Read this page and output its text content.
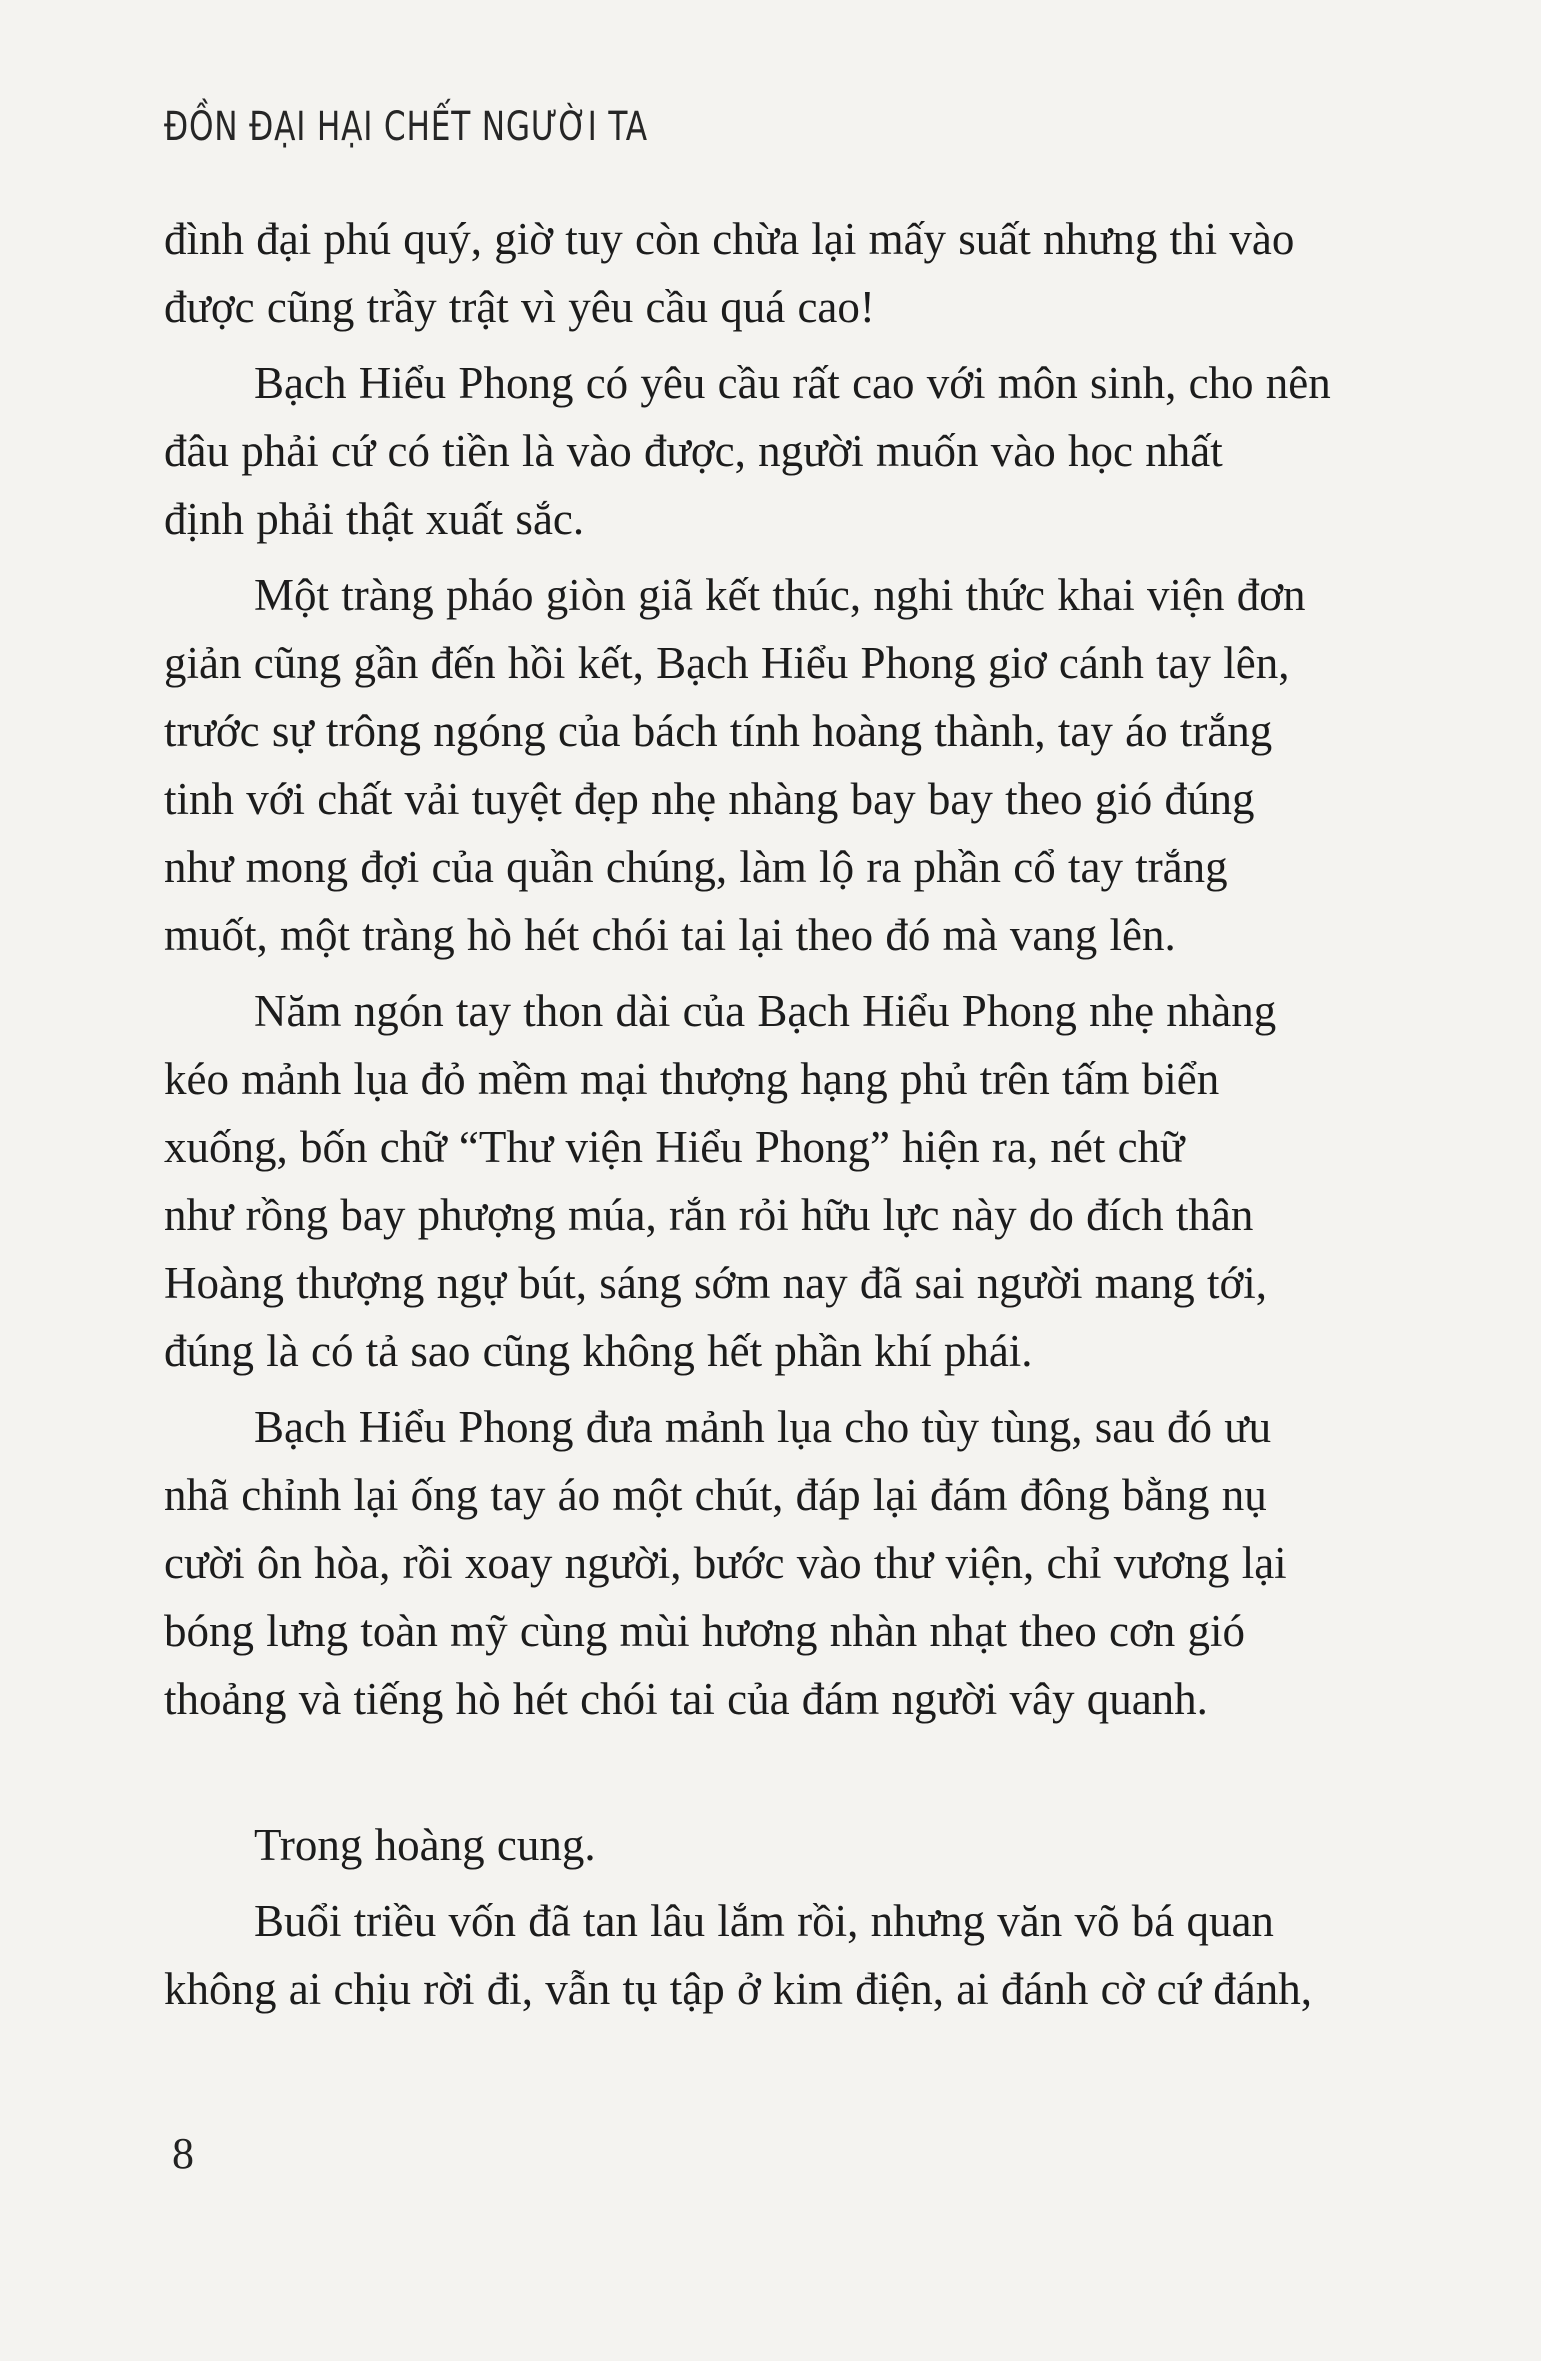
ĐỒN ĐẠI HẠI CHẾT NGƯỜI TA
đình đại phú quý, giờ tuy còn chừa lại mấy suất nhưng thi vào
được cũng trầy trật vì yêu cầu quá cao!
Bạch Hiểu Phong có yêu cầu rất cao với môn sinh, cho nên
đâu phải cứ có tiền là vào được, người muốn vào học nhất
định phải thật xuất sắc.
Một tràng pháo giòn giã kết thúc, nghi thức khai viện đơn
giản cũng gần đến hồi kết, Bạch Hiểu Phong giơ cánh tay lên,
trước sự trông ngóng của bách tính hoàng thành, tay áo trắng
tinh với chất vải tuyệt đẹp nhẹ nhàng bay bay theo gió đúng
như mong đợi của quần chúng, làm lộ ra phần cổ tay trắng
muốt, một tràng hò hét chói tai lại theo đó mà vang lên.
Năm ngón tay thon dài của Bạch Hiểu Phong nhẹ nhàng
kéo mảnh lụa đỏ mềm mại thượng hạng phủ trên tấm biển
xuống, bốn chữ “Thư viện Hiểu Phong” hiện ra, nét chữ
như rồng bay phượng múa, rắn rỏi hữu lực này do đích thân
Hoàng thượng ngự bút, sáng sớm nay đã sai người mang tới,
đúng là có tả sao cũng không hết phần khí phái.
Bạch Hiểu Phong đưa mảnh lụa cho tùy tùng, sau đó ưu
nhã chỉnh lại ống tay áo một chút, đáp lại đám đông bằng nụ
cười ôn hòa, rồi xoay người, bước vào thư viện, chỉ vương lại
bóng lưng toàn mỹ cùng mùi hương nhàn nhạt theo cơn gió
thoảng và tiếng hò hét chói tai của đám người vây quanh.
Trong hoàng cung.
Buổi triều vốn đã tan lâu lắm rồi, nhưng văn võ bá quan
không ai chịu rời đi, vẫn tụ tập ở kim điện, ai đánh cờ cứ đánh,
8
